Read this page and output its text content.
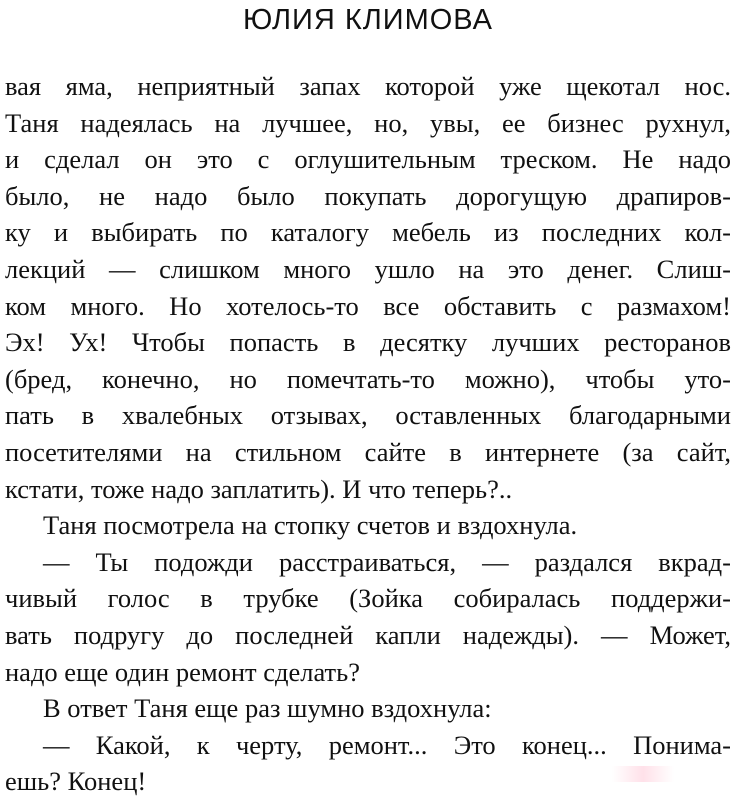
ЮЛИЯ КЛИМОВА
вая яма, неприятный запах которой уже щекотал нос.
Таня надеялась на лучшее, но, увы, ее бизнес рухнул,
и сделал он это с оглушительным треском. Не надо
было, не надо было покупать дорогущую драпиров-
ку и выбирать по каталогу мебель из последних кол-
лекций — слишком много ушло на это денег. Слиш-
ком много. Но хотелось-то все обставить с размахом!
Эх! Ух! Чтобы попасть в десятку лучших ресторанов
(бред, конечно, но помечтать-то можно), чтобы уто-
пать в хвалебных отзывах, оставленных благодарными
посетителями на стильном сайте в интернете (за сайт,
кстати, тоже надо заплатить). И что теперь?..
Таня посмотрела на стопку счетов и вздохнула.
— Ты подожди расстраиваться, — раздался вкрад-
чивый голос в трубке (Зойка собиралась поддержи-
вать подругу до последней капли надежды). — Может,
надо еще один ремонт сделать?
В ответ Таня еще раз шумно вздохнула:
— Какой, к черту, ремонт... Это конец... Понима-
ешь? Конец!
